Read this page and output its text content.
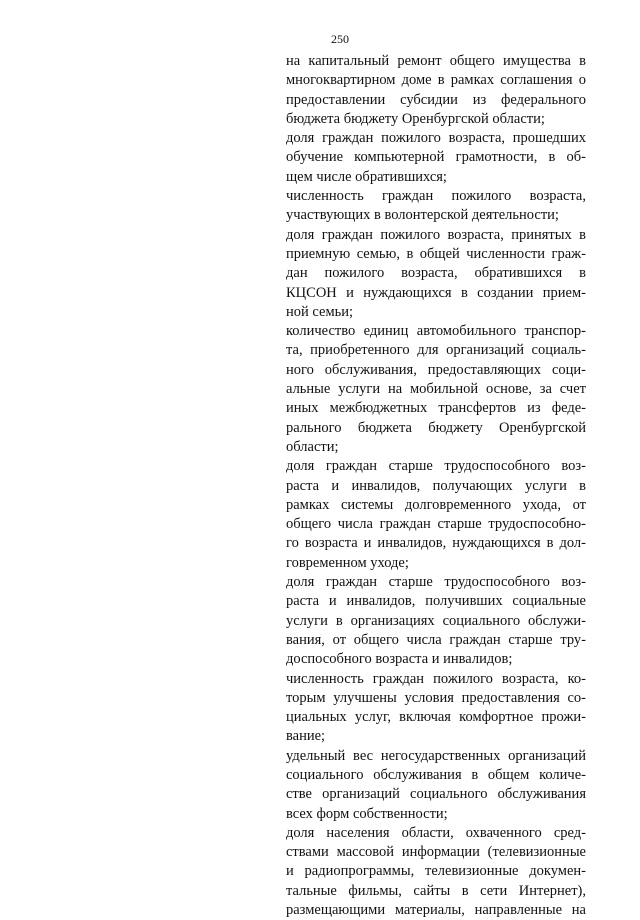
250
на капитальный ремонт общего имущества в
многоквартирном доме в рамках соглашения о
предоставлении субсидии из федерального
бюджета бюджету Оренбургской области;
доля граждан пожилого возраста, прошедших
обучение компьютерной грамотности, в об-
щем числе обратившихся;
численность граждан пожилого возраста,
участвующих в волонтерской деятельности;
доля граждан пожилого возраста, принятых в
приемную семью, в общей численности граж-
дан пожилого возраста, обратившихся в
КЦСОН и нуждающихся в создании прием-
ной семьи;
количество единиц автомобильного транспор-
та, приобретенного для организаций социаль-
ного обслуживания, предоставляющих соци-
альные услуги на мобильной основе, за счет
иных межбюджетных трансфертов из феде-
рального бюджета бюджету Оренбургской
области;
доля граждан старше трудоспособного воз-
раста и инвалидов, получающих услуги в
рамках системы долговременного ухода, от
общего числа граждан старше трудоспособно-
го возраста и инвалидов, нуждающихся в дол-
говременном уходе;
доля граждан старше трудоспособного воз-
раста и инвалидов, получивших социальные
услуги в организациях социального обслужи-
вания, от общего числа граждан старше тру-
доспособного возраста и инвалидов;
численность граждан пожилого возраста, ко-
торым улучшены условия предоставления со-
циальных услуг, включая комфортное прожи-
вание;
удельный вес негосударственных организаций
социального обслуживания в общем количе-
стве организаций социального обслуживания
всех форм собственности;
доля населения области, охваченного сред-
ствами массовой информации (телевизионные
и радиопрограммы, телевизионные докумен-
тальные фильмы, сайты в сети Интернет),
размещающими материалы, направленные на
